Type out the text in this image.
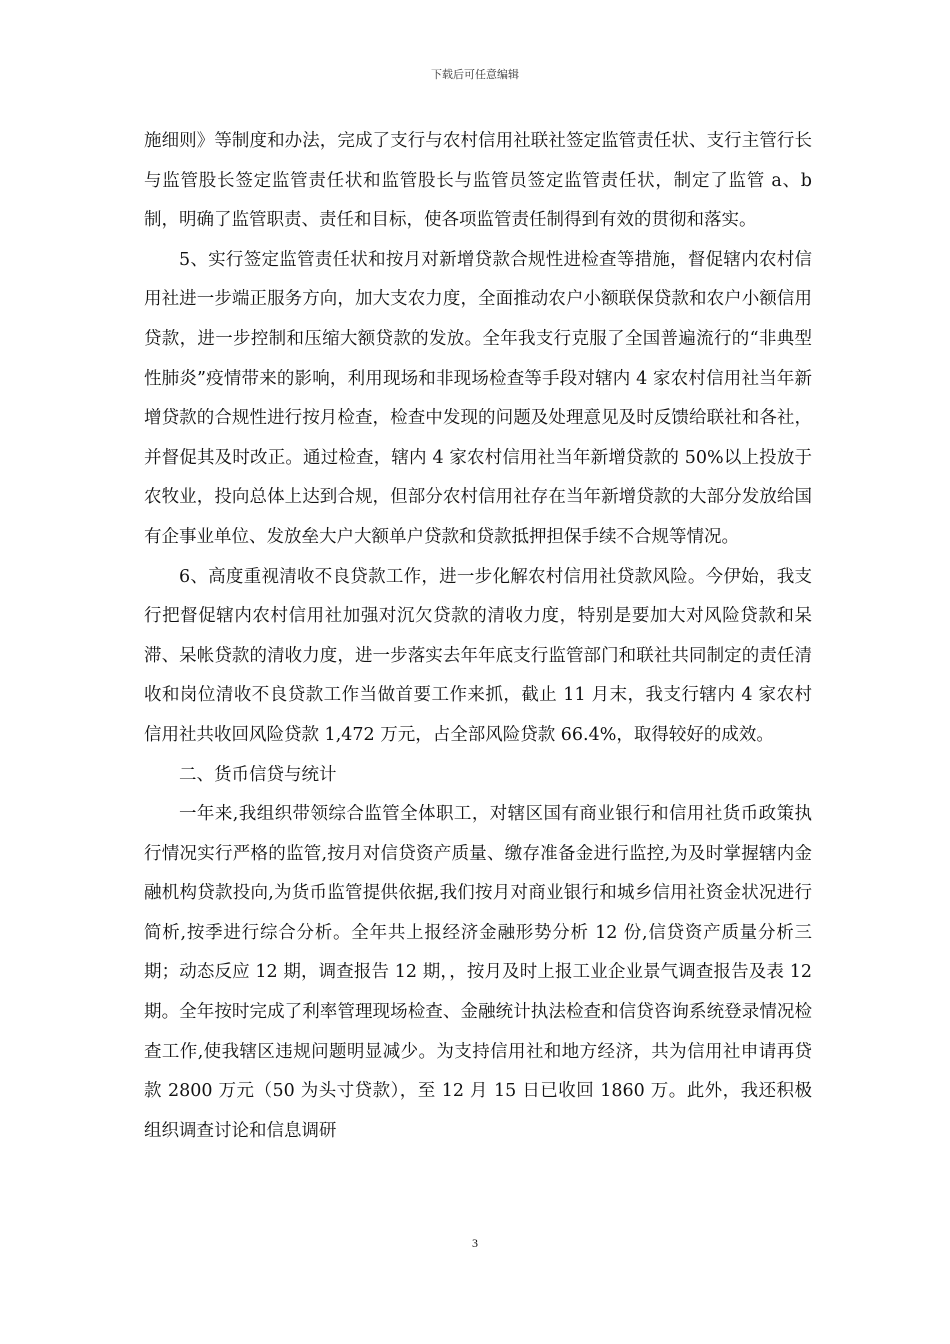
下载后可任意编辑

施细则》等制度和办法，完成了支行与农村信用社联社签定监管责任状、支行主管行长与监管股长签定监管责任状和监管股长与监管员签定监管责任状，制定了监管 a、b 制，明确了监管职责、责任和目标，使各项监管责任制得到有效的贯彻和落实。

5、实行签定监管责任状和按月对新增贷款合规性进检查等措施，督促辖内农村信用社进一步端正服务方向，加大支农力度，全面推动农户小额联保贷款和农户小额信用贷款，进一步控制和压缩大额贷款的发放。全年我支行克服了全国普遍流行的“非典型性肺炎”疫情带来的影响，利用现场和非现场检查等手段对辖内 4 家农村信用社当年新增贷款的合规性进行按月检查，检查中发现的问题及处理意见及时反馈给联社和各社，并督促其及时改正。通过检查，辖内 4 家农村信用社当年新增贷款的 50%以上投放于农牧业，投向总体上达到合规，但部分农村信用社存在当年新增贷款的大部分发放给国有企事业单位、发放垒大户大额单户贷款和贷款抵押担保手续不合规等情况。

6、高度重视清收不良贷款工作，进一步化解农村信用社贷款风险。今伊始，我支行把督促辖内农村信用社加强对沉欠贷款的清收力度，特别是要加大对风险贷款和呆滞、呆帐贷款的清收力度，进一步落实去年年底支行监管部门和联社共同制定的责任清收和岗位清收不良贷款工作当做首要工作来抓，截止 11 月末，我支行辖内 4 家农村信用社共收回风险贷款 1,472 万元，占全部风险贷款 66.4%，取得较好的成效。

二、货币信贷与统计

一年来,我组织带领综合监管全体职工，对辖区国有商业银行和信用社货币政策执行情况实行严格的监管,按月对信贷资产质量、缴存准备金进行监控,为及时掌握辖内金融机构贷款投向,为货币监管提供依据,我们按月对商业银行和城乡信用社资金状况进行简析,按季进行综合分析。全年共上报经济金融形势分析 12 份,信贷资产质量分析三期；动态反应 12 期，调查报告 12 期，，按月及时上报工业企业景气调查报告及表 12 期。全年按时完成了利率管理现场检查、金融统计执法检查和信贷咨询系统登录情况检查工作,使我辖区违规问题明显减少。为支持信用社和地方经济，共为信用社申请再贷款 2800 万元（50 为头寸贷款），至 12 月 15 日已收回 1860 万。此外，我还积极组织调查讨论和信息调研

3
